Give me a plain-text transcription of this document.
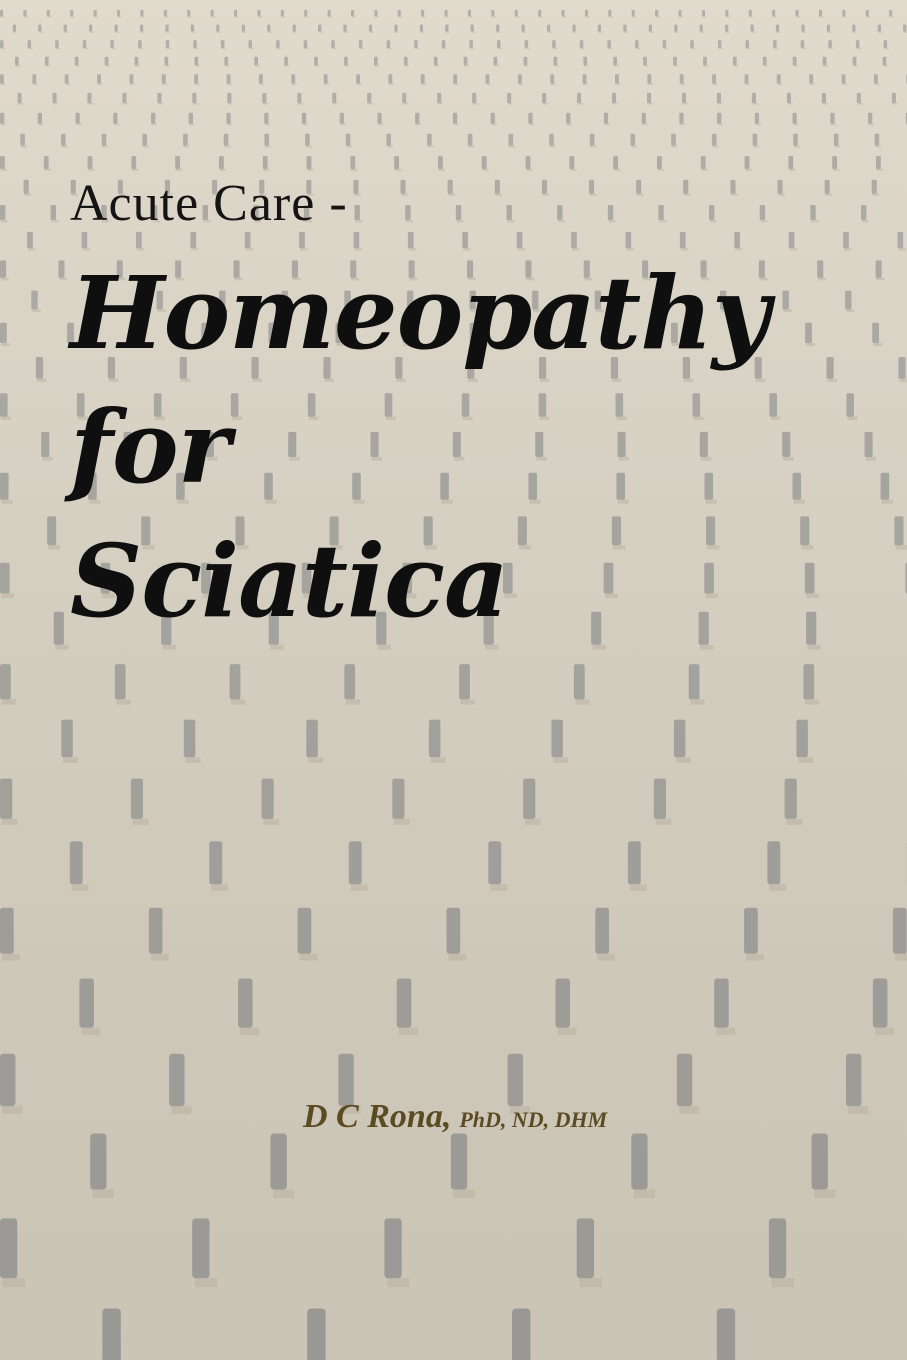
Acute Care -
Homeopathy
for
Sciatica
D C Rona, PhD, ND, DHM
